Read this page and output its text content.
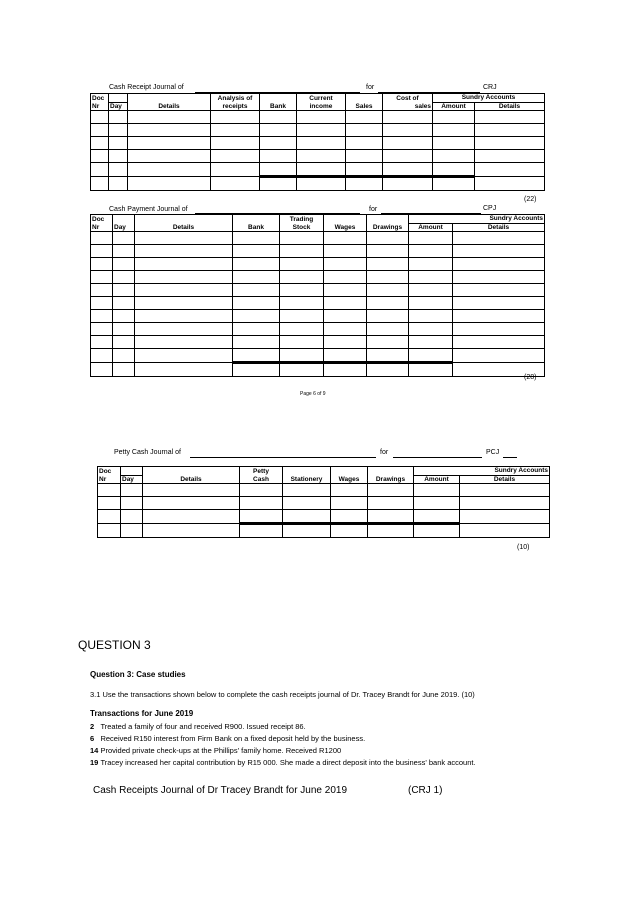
Cash Receipt Journal of	for	CRJ
Doc			Analysis of		Current		Cost of	Sundry Accounts	
Nr	Day	Details	receipts	Bank	income	Sales	sales	Amount	Details

(22)
Cash Payment Journal of	for	CPJ
Doc				Trading			Sundry Accounts	
Nr	Day	Details	Bank	Stock	Wages	Drawings	Amount	Details

(28)
Page 6 of 9
Petty Cash Journal of	for	PCJ
Doc			Petty				Sundry Accounts	
Nr	Day	Details	Cash	Stationery	Wages	Drawings	Amount	Details

(10)
QUESTION 3
Question 3: Case studies
3.1 Use the transactions shown below to complete the cash receipts journal of Dr. Tracey Brandt for June 2019. (10)
Transactions for June 2019
2 Treated a family of four and received R900. Issued receipt 86.
6 Received R150 interest from Firm Bank on a fixed deposit held by the business.
14 Provided private check-ups at the Phillips' family home. Received R1200
19 Tracey increased her capital contribution by R15 000. She made a direct deposit into the business' bank account.
Cash Receipts Journal of Dr Tracey Brandt for June 2019	(CRJ 1)
